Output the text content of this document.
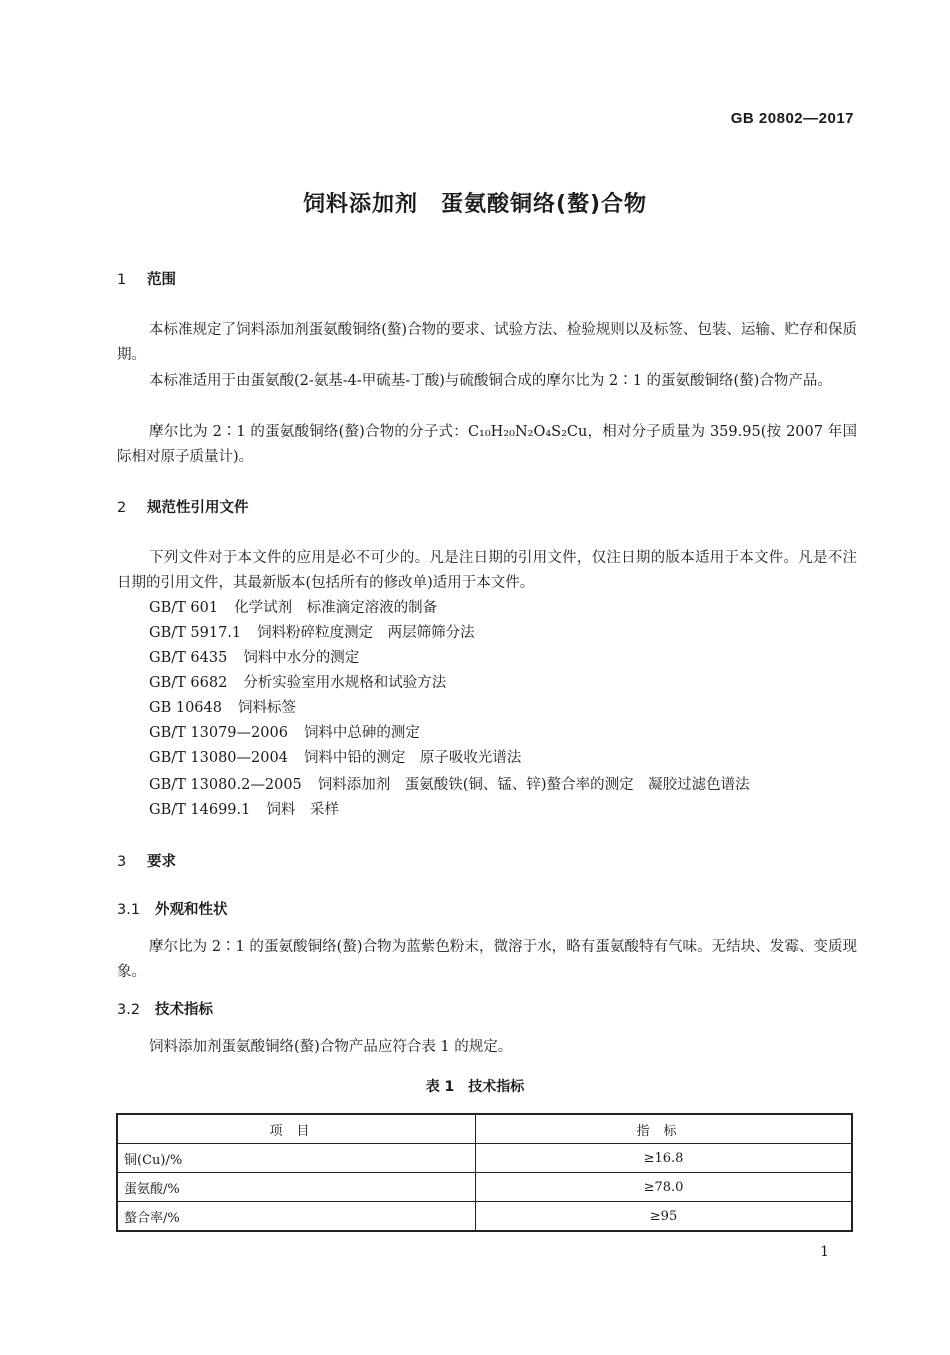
GB 20802—2017
饲料添加剂　蛋氨酸铜络(螯)合物
1 范围
本标准规定了饲料添加剂蛋氨酸铜络(螯)合物的要求、试验方法、检验规则以及标签、包装、运输、贮存和保质期。
本标准适用于由蛋氨酸(2-氨基-4-甲硫基-丁酸)与硫酸铜合成的摩尔比为 2∶1 的蛋氨酸铜络(螯)合物产品。
摩尔比为 2∶1 的蛋氨酸铜络(螯)合物的分子式：C₁₀H₂₀N₂O₄S₂Cu，相对分子质量为 359.95(按 2007 年国际相对原子质量计)。
2 规范性引用文件
下列文件对于本文件的应用是必不可少的。凡是注日期的引用文件，仅注日期的版本适用于本文件。凡是不注日期的引用文件，其最新版本(包括所有的修改单)适用于本文件。
GB/T 601 化学试剂　标准滴定溶液的制备
GB/T 5917.1 饲料粉碎粒度测定　两层筛筛分法
GB/T 6435 饲料中水分的测定
GB/T 6682 分析实验室用水规格和试验方法
GB 10648 饲料标签
GB/T 13079—2006 饲料中总砷的测定
GB/T 13080—2004 饲料中铅的测定　原子吸收光谱法
GB/T 13080.2—2005 饲料添加剂　蛋氨酸铁(铜、锰、锌)螯合率的测定　凝胶过滤色谱法
GB/T 14699.1 饲料　采样
3 要求
3.1 外观和性状
摩尔比为 2∶1 的蛋氨酸铜络(螯)合物为蓝紫色粉末，微溶于水，略有蛋氨酸特有气味。无结块、发霉、变质现象。
3.2 技术指标
饲料添加剂蛋氨酸铜络(螯)合物产品应符合表 1 的规定。
表 1　技术指标
项目	指标
铜(Cu)/%	≥16.8
蛋氨酸/%	≥78.0
螯合率/%	≥95
1
